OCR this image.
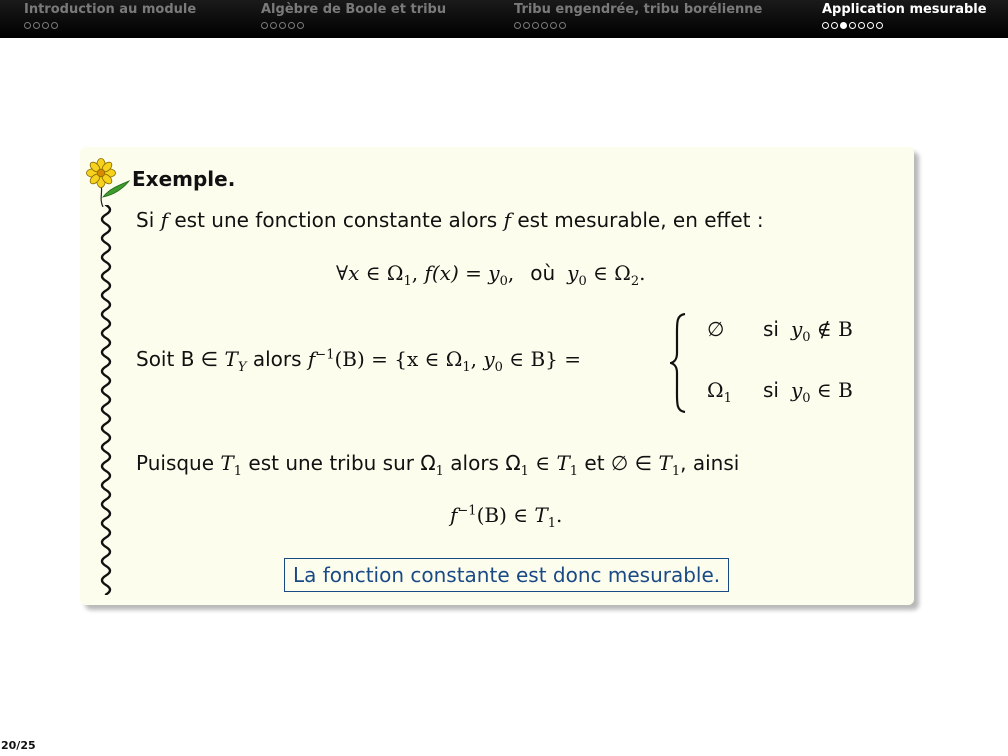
Introduction au module	Algèbre de Boole et tribu	Tribu engendrée, tribu borélienne	Application mesurable
Exemple.
Si f est une fonction constante alors f est mesurable, en effet :
∀x ∈ $\Omega_1$, $f(x) = y_0$, où $y_0$ ∈ $\Omega_2$.
Soit B ∈ $T_Y$ alors $f^{-1}(B) = \{x$ ∈ $\Omega_1$, $y_0$ ∈ B} =
∅ si $y_0$ ∉ B
$\Omega_1$ si $y_0$ ∈ B
Puisque $T_1$ est une tribu sur $\Omega_1$ alors $\Omega_1$ ∈ $T_1$ et ∅ ∈ $T_1$, ainsi
$f^{-1}(B)$ ∈ $T_1$.
La fonction constante est donc mesurable.
20/25
